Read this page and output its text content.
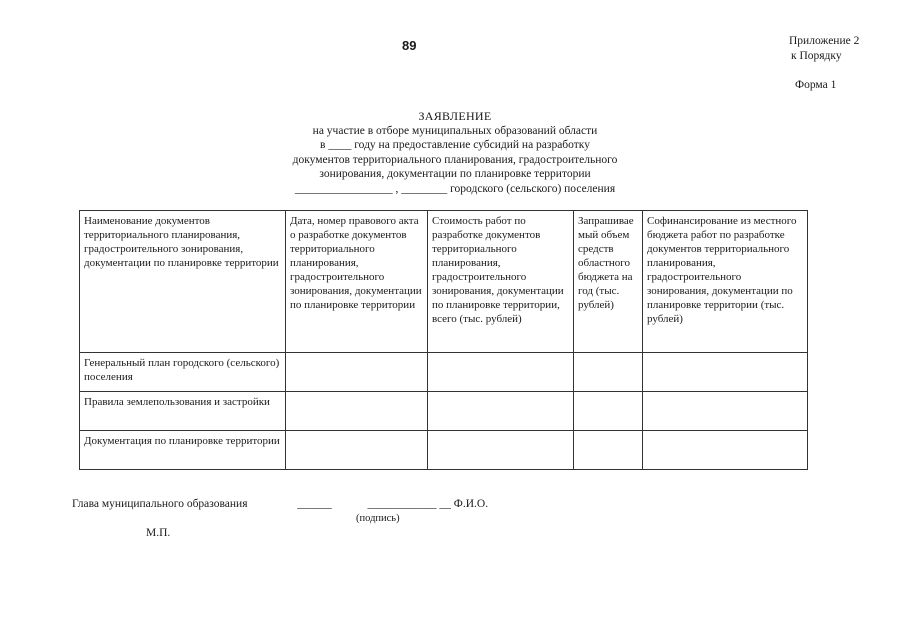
89	Приложение 2
к Порядку
Форма 1
ЗАЯВЛЕНИЕ
на участие в отборе муниципальных образований области
в ____ году на предоставление субсидий на разработку
документов территориального планирования, градостроительного
зонирования, документации по планировке территории
_________________ , ________ городского (сельского) поселения
Наименование документов территориального планирования, градостроительного зонирования, документации по планировке территории	Дата, номер правового акта о разработке документов территориального планирования, градостроительного зонирования, документации по планировке территории	Стоимость работ по разработке документов территориального планирования, градостроительного зонирования, документации по планировке территории, всего (тыс. рублей)	Запрашиваемый объем средств областного бюджета на год (тыс. рублей)	Софинансирование из местного бюджета работ по разработке документов территориального планирования, градостроительного зонирования, документации по планировке территории (тыс. рублей)
Генеральный план городского (сельского) поселения				
Правила землепользования и застройки				
Документация по планировке территории				
Глава муниципального образования	______	____________ __ Ф.И.О.
(подпись)
М.П.
